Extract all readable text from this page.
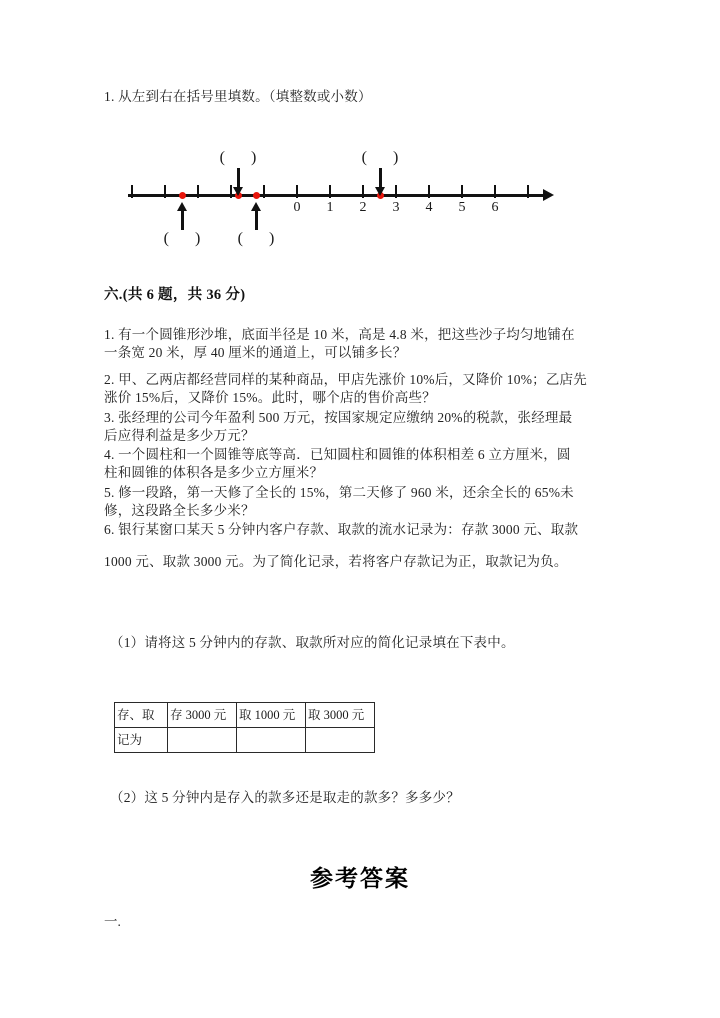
1. 从左到右在括号里填数。（填整数或小数）
0	1	2	3	4	5	6
( )	( )
( )	( )
六.(共 6 题，共 36 分)
1. 有一个圆锥形沙堆，底面半径是 10 米，高是 4.8 米，把这些沙子均匀地铺在
一条宽 20 米，厚 40 厘米的通道上，可以铺多长？
2. 甲、乙两店都经营同样的某种商品，甲店先涨价 10%后，又降价 10%；乙店先
涨价 15%后，又降价 15%。此时，哪个店的售价高些？
3. 张经理的公司今年盈利 500 万元，按国家规定应缴纳 20%的税款，张经理最
后应得利益是多少万元？
4. 一个圆柱和一个圆锥等底等高．已知圆柱和圆锥的体积相差 6 立方厘米，圆
柱和圆锥的体积各是多少立方厘米？
5. 修一段路，第一天修了全长的 15%，第二天修了 960 米，还余全长的 65%未
修，这段路全长多少米？
6. 银行某窗口某天 5 分钟内客户存款、取款的流水记录为：存款 3000 元、取款
1000 元、取款 3000 元。为了简化记录，若将客户存款记为正，取款记为负。
（1）请将这 5 分钟内的存款、取款所对应的简化记录填在下表中。
存、取	存 3000 元	取 1000 元	取 3000 元
记为			
（2）这 5 分钟内是存入的款多还是取走的款多？多多少？
参考答案
一.
